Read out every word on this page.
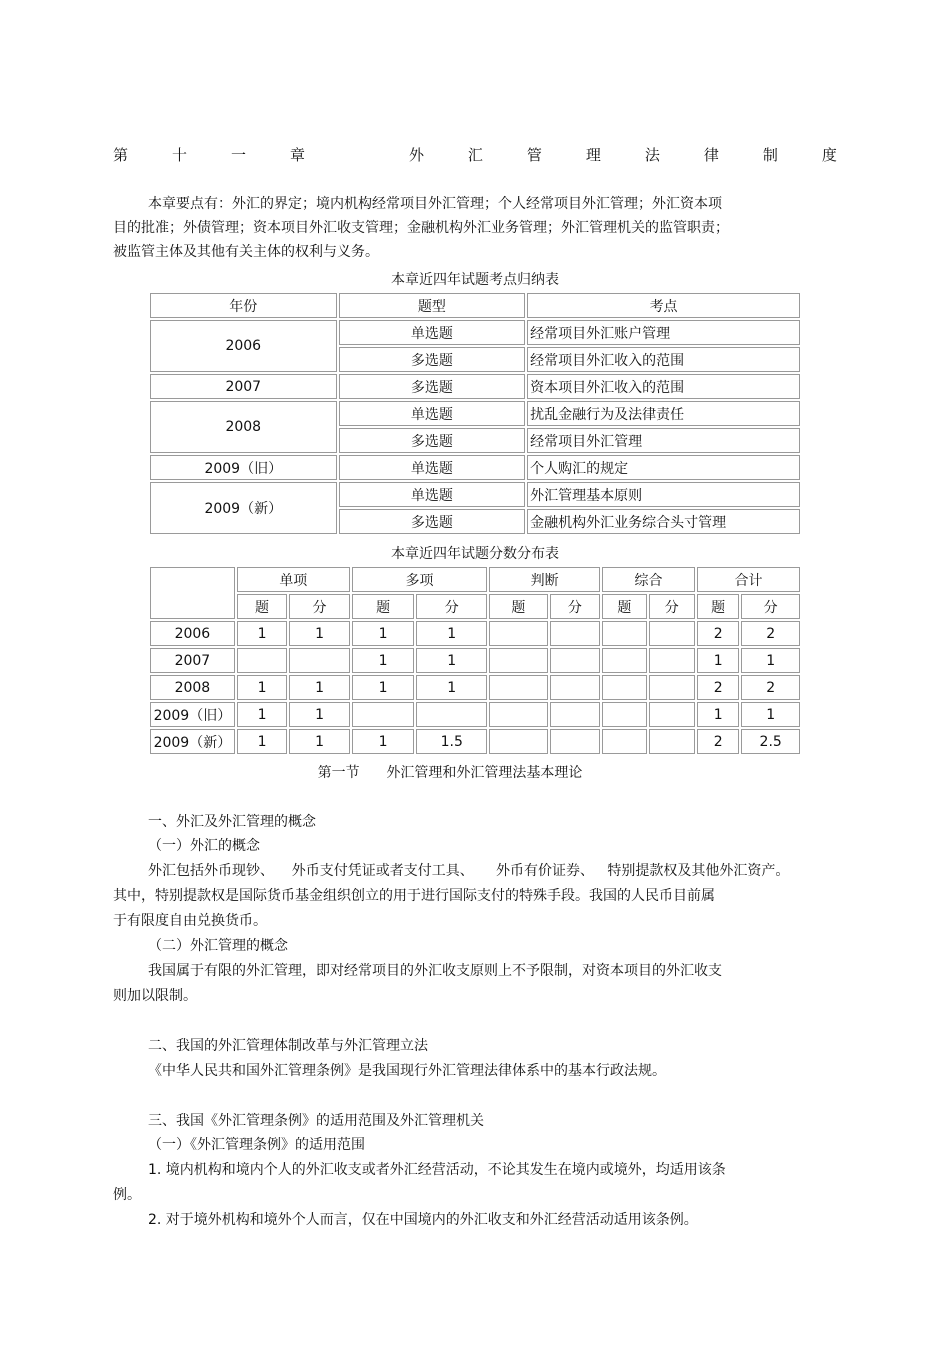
第	十	一	章	外	汇	管	理	法	律	制	度
本章要点有：外汇的界定；境内机构经常项目外汇管理；个人经常项目外汇管理；外汇资本项
目的批准；外债管理；资本项目外汇收支管理；金融机构外汇业务管理；外汇管理机关的监管职责；
被监管主体及其他有关主体的权利与义务。
本章近四年试题考点归纳表
年份	题型	考点
2006	单选题	经常项目外汇账户管理
	多选题	经常项目外汇收入的范围
2007	多选题	资本项目外汇收入的范围
2008	单选题	扰乱金融行为及法律责任
	多选题	经常项目外汇管理
2009（旧）	单选题	个人购汇的规定
2009（新）	单选题	外汇管理基本原则
	多选题	金融机构外汇业务综合头寸管理
本章近四年试题分数分布表
	单项		多项		判断		综合		合计	
	题	分	题	分	题	分	题	分	题	分
2006	1	1	1	1					2	2
2007			1	1					1	1
2008	1	1	1	1					2	2
2009（旧）	1	1							1	1
2009（新）	1	1	1	1.5					2	2.5
第一节      外汇管理和外汇管理法基本理论
一、外汇及外汇管理的概念
（一）外汇的概念
外汇包括外币现钞、    外币支付凭证或者支付工具、     外币有价证券、   特别提款权及其他外汇资产。
其中，特别提款权是国际货币基金组织创立的用于进行国际支付的特殊手段。我国的人民币目前属
于有限度自由兑换货币。
（二）外汇管理的概念
我国属于有限的外汇管理，即对经常项目的外汇收支原则上不予限制，对资本项目的外汇收支
则加以限制。
二、我国的外汇管理体制改革与外汇管理立法
《中华人民共和国外汇管理条例》是我国现行外汇管理法律体系中的基本行政法规。
三、我国《外汇管理条例》的适用范围及外汇管理机关
（一）《外汇管理条例》的适用范围
1. 境内机构和境内个人的外汇收支或者外汇经营活动，不论其发生在境内或境外，均适用该条
例。
2. 对于境外机构和境外个人而言，仅在中国境内的外汇收支和外汇经营活动适用该条例。
